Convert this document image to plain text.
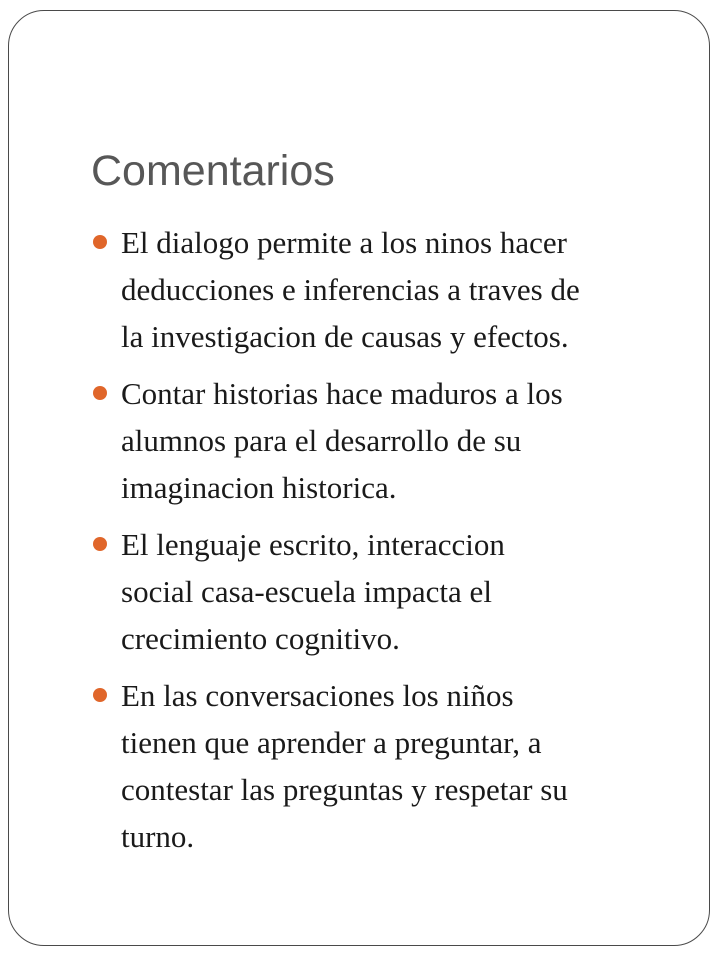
Comentarios
El dialogo permite a los ninos hacer
deducciones e inferencias a traves de
la investigacion de causas y efectos.
Contar historias hace maduros a los
alumnos para el desarrollo de su
imaginacion historica.
El lenguaje escrito, interaccion
social casa-escuela impacta el
crecimiento cognitivo.
En las conversaciones los niños
tienen que aprender a preguntar, a
contestar las preguntas y respetar su
turno.
